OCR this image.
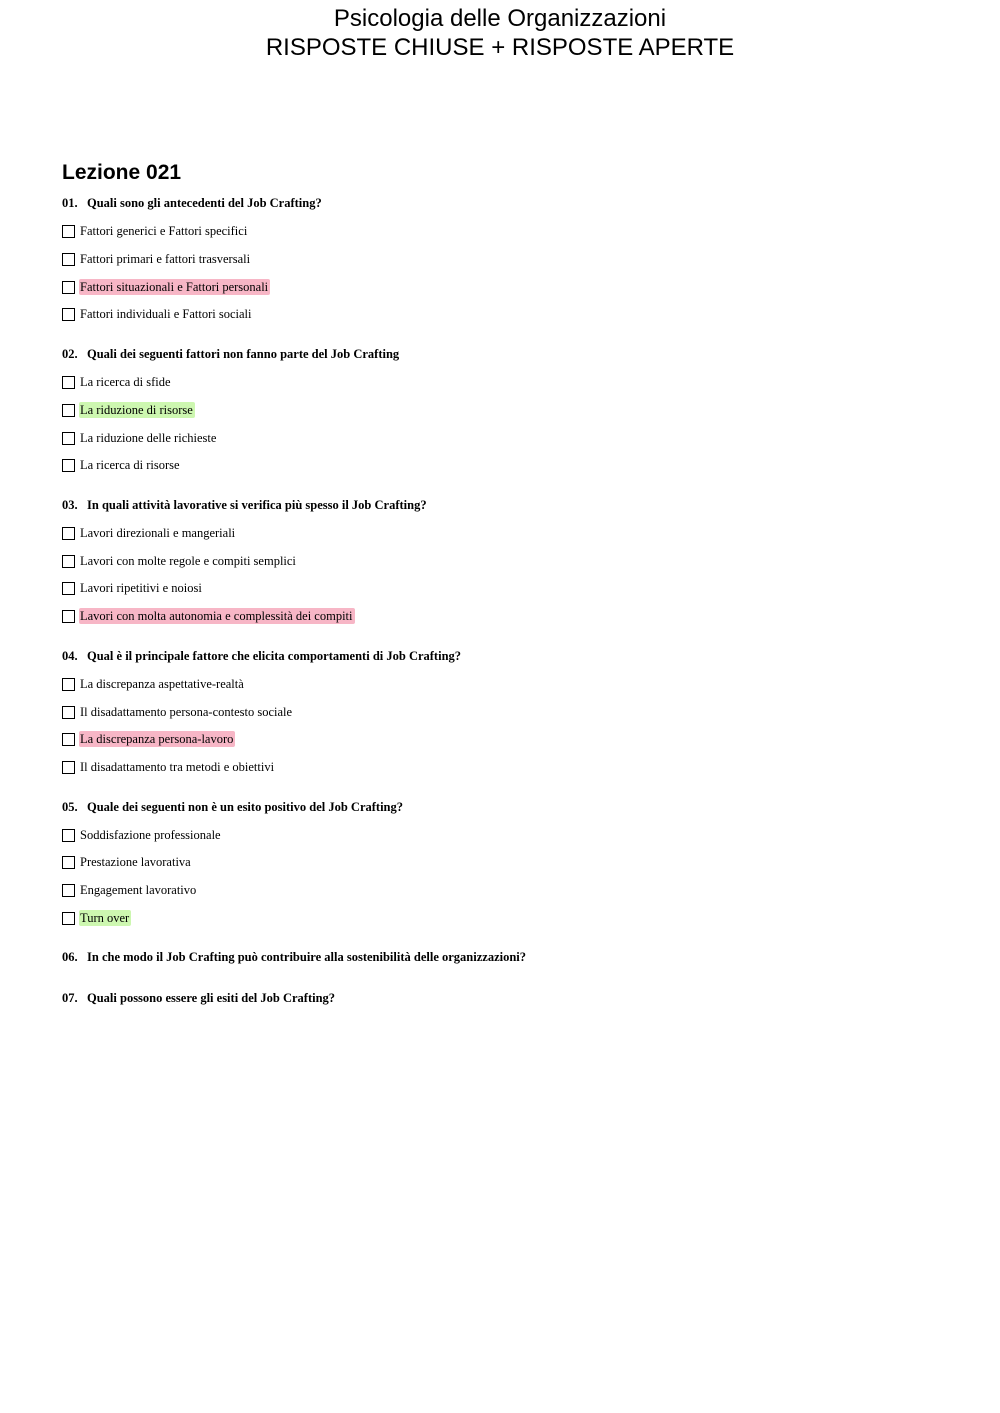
Psicologia delle Organizzazioni
RISPOSTE CHIUSE + RISPOSTE APERTE
Lezione 021
01. Quali sono gli antecedenti del Job Crafting?
Fattori generici e Fattori specifici
Fattori primari e fattori trasversali
Fattori situazionali e Fattori personali
Fattori individuali e Fattori sociali
02. Quali dei seguenti fattori non fanno parte del Job Crafting
La ricerca di sfide
La riduzione di risorse
La riduzione delle richieste
La ricerca di risorse
03. In quali attività lavorative si verifica più spesso il Job Crafting?
Lavori direzionali e mangeriali
Lavori con molte regole e compiti semplici
Lavori ripetitivi e noiosi
Lavori con molta autonomia e complessità dei compiti
04. Qual è il principale fattore che elicita comportamenti di Job Crafting?
La discrepanza aspettative-realtà
Il disadattamento persona-contesto sociale
La discrepanza persona-lavoro
Il disadattamento tra metodi e obiettivi
05. Quale dei seguenti non è un esito positivo del Job Crafting?
Soddisfazione professionale
Prestazione lavorativa
Engagement lavorativo
Turn over
06. In che modo il Job Crafting può contribuire alla sostenibilità delle organizzazioni?
07. Quali possono essere gli esiti del Job Crafting?
